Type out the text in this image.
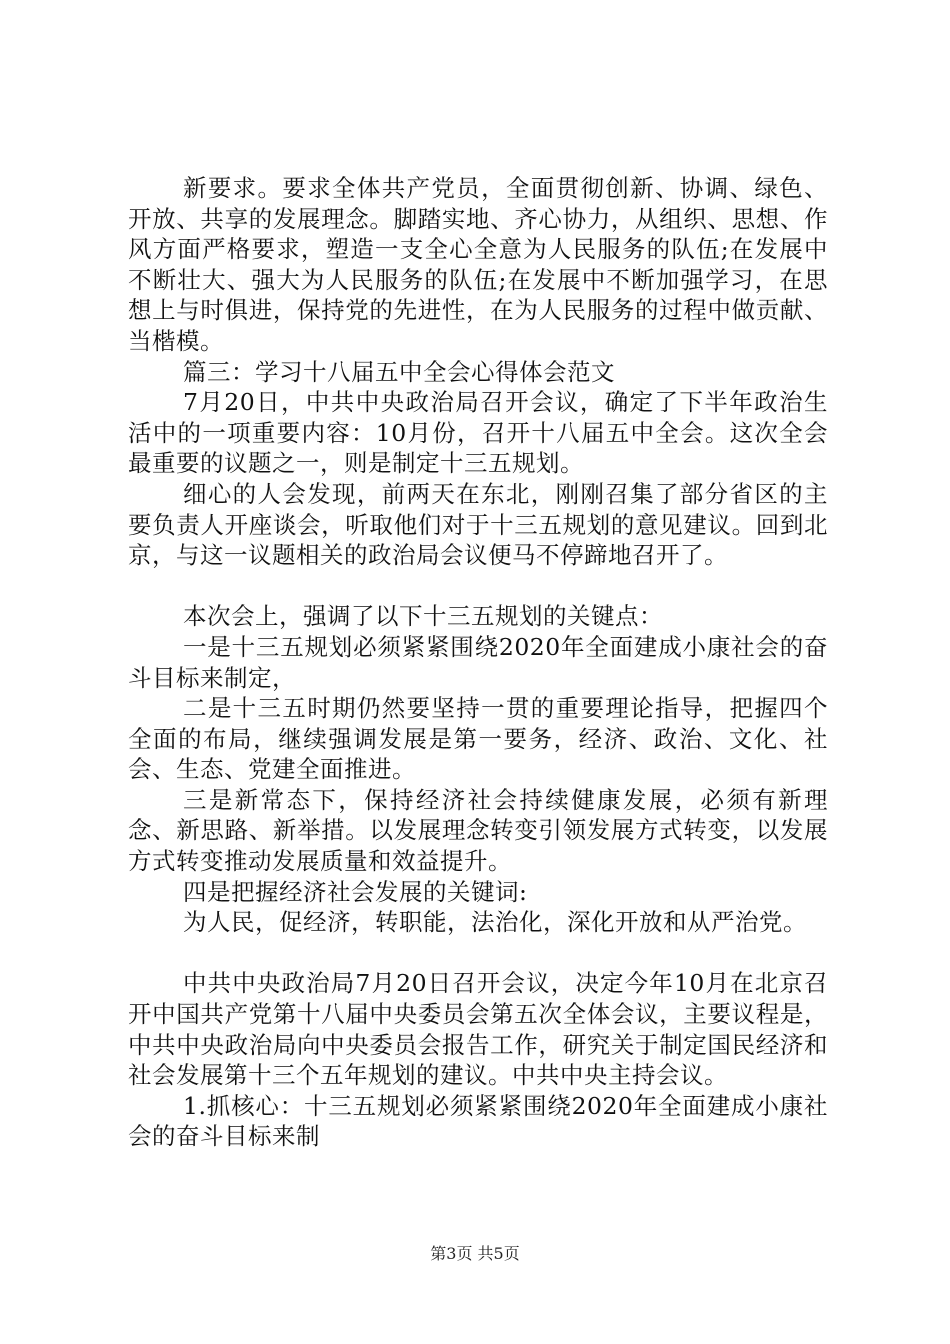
新要求。要求全体共产党员，全面贯彻创新、协调、绿色、开放、共享的发展理念。脚踏实地、齐心协力，从组织、思想、作风方面严格要求，塑造一支全心全意为人民服务的队伍;在发展中不断壮大、强大为人民服务的队伍;在发展中不断加强学习，在思想上与时俱进，保持党的先进性，在为人民服务的过程中做贡献、当楷模。

篇三：学习十八届五中全会心得体会范文

7月20日，中共中央政治局召开会议，确定了下半年政治生活中的一项重要内容：10月份，召开十八届五中全会。这次全会最重要的议题之一，则是制定十三五规划。

细心的人会发现，前两天在东北，刚刚召集了部分省区的主要负责人开座谈会，听取他们对于十三五规划的意见建议。回到北京，与这一议题相关的政治局会议便马不停蹄地召开了。

本次会上，强调了以下十三五规划的关键点：

一是十三五规划必须紧紧围绕2020年全面建成小康社会的奋斗目标来制定，

二是十三五时期仍然要坚持一贯的重要理论指导，把握四个全面的布局，继续强调发展是第一要务，经济、政治、文化、社会、生态、党建全面推进。

三是新常态下，保持经济社会持续健康发展，必须有新理念、新思路、新举措。以发展理念转变引领发展方式转变，以发展方式转变推动发展质量和效益提升。

四是把握经济社会发展的关键词:

为人民，促经济，转职能，法治化，深化开放和从严治党。

中共中央政治局7月20日召开会议，决定今年10月在北京召开中国共产党第十八届中央委员会第五次全体会议，主要议程是，中共中央政治局向中央委员会报告工作，研究关于制定国民经济和社会发展第十三个五年规划的建议。中共中央主持会议。

1.抓核心：十三五规划必须紧紧围绕2020年全面建成小康社会的奋斗目标来制

第3页 共5页
